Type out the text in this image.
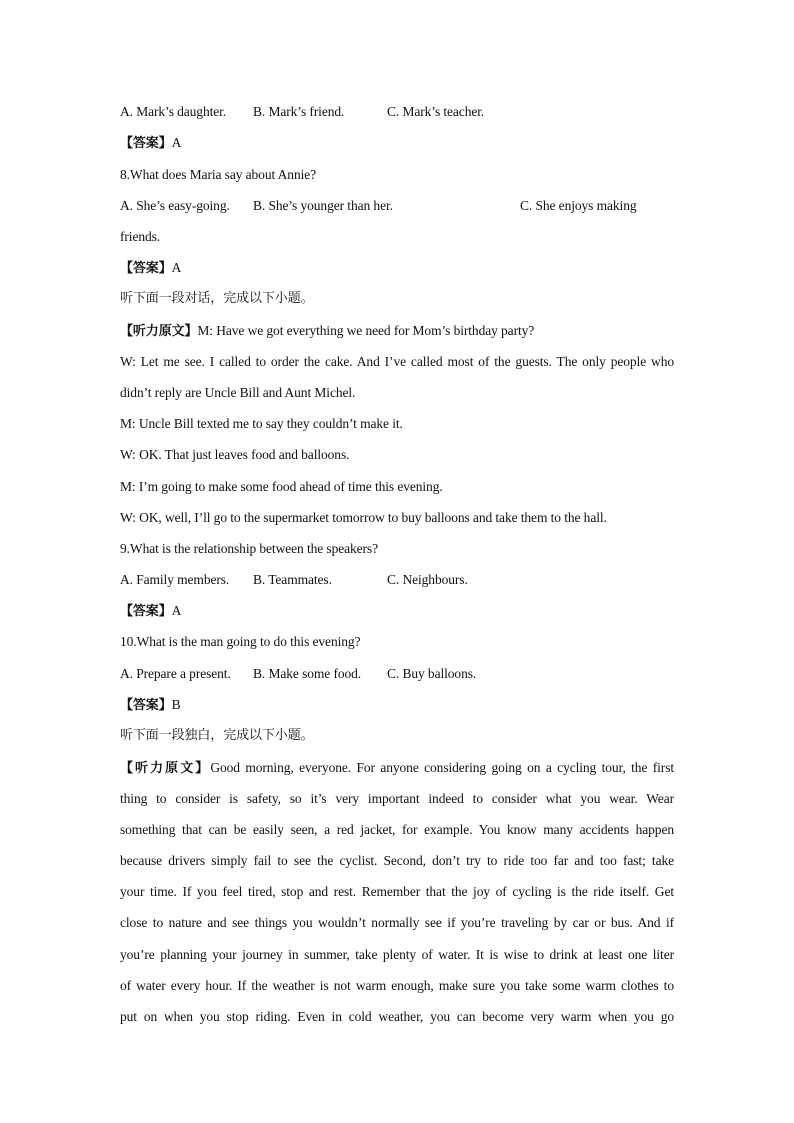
A. Mark’s daughter. B. Mark’s friend.	C. Mark’s teacher.
【答案】A
8.What does Maria say about Annie?
A. She’s easy-going. B. She’s younger than her.	C. She enjoys making
friends.
【答案】A
听下面一段对话，完成以下小题。
【听力原文】M: Have we got everything we need for Mom’s birthday party?
W: Let me see. I called to order the cake. And I’ve called most of the guests. The only people who
didn’t reply are Uncle Bill and Aunt Michel.
M: Uncle Bill texted me to say they couldn’t make it.
W: OK. That just leaves food and balloons.
M: I’m going to make some food ahead of time this evening.
W: OK, well, I’ll go to the supermarket tomorrow to buy balloons and take them to the hall.
9.What is the relationship between the speakers?
A. Family members. B. Teammates.	C. Neighbours.
【答案】A
10.What is the man going to do this evening?
A. Prepare a present. B. Make some food. C. Buy balloons.
【答案】B
听下面一段独白，完成以下小题。
【听力原文】Good morning, everyone. For anyone considering going on a cycling tour, the first
thing to consider is safety, so it’s very important indeed to consider what you wear. Wear
something that can be easily seen, a red jacket, for example. You know many accidents happen
because drivers simply fail to see the cyclist. Second, don’t try to ride too far and too fast; take
your time. If you feel tired, stop and rest. Remember that the joy of cycling is the ride itself. Get
close to nature and see things you wouldn’t normally see if you’re traveling by car or bus. And if
you’re planning your journey in summer, take plenty of water. It is wise to drink at least one liter
of water every hour. If the weather is not warm enough, make sure you take some warm clothes to
put on when you stop riding. Even in cold weather, you can become very warm when you go
